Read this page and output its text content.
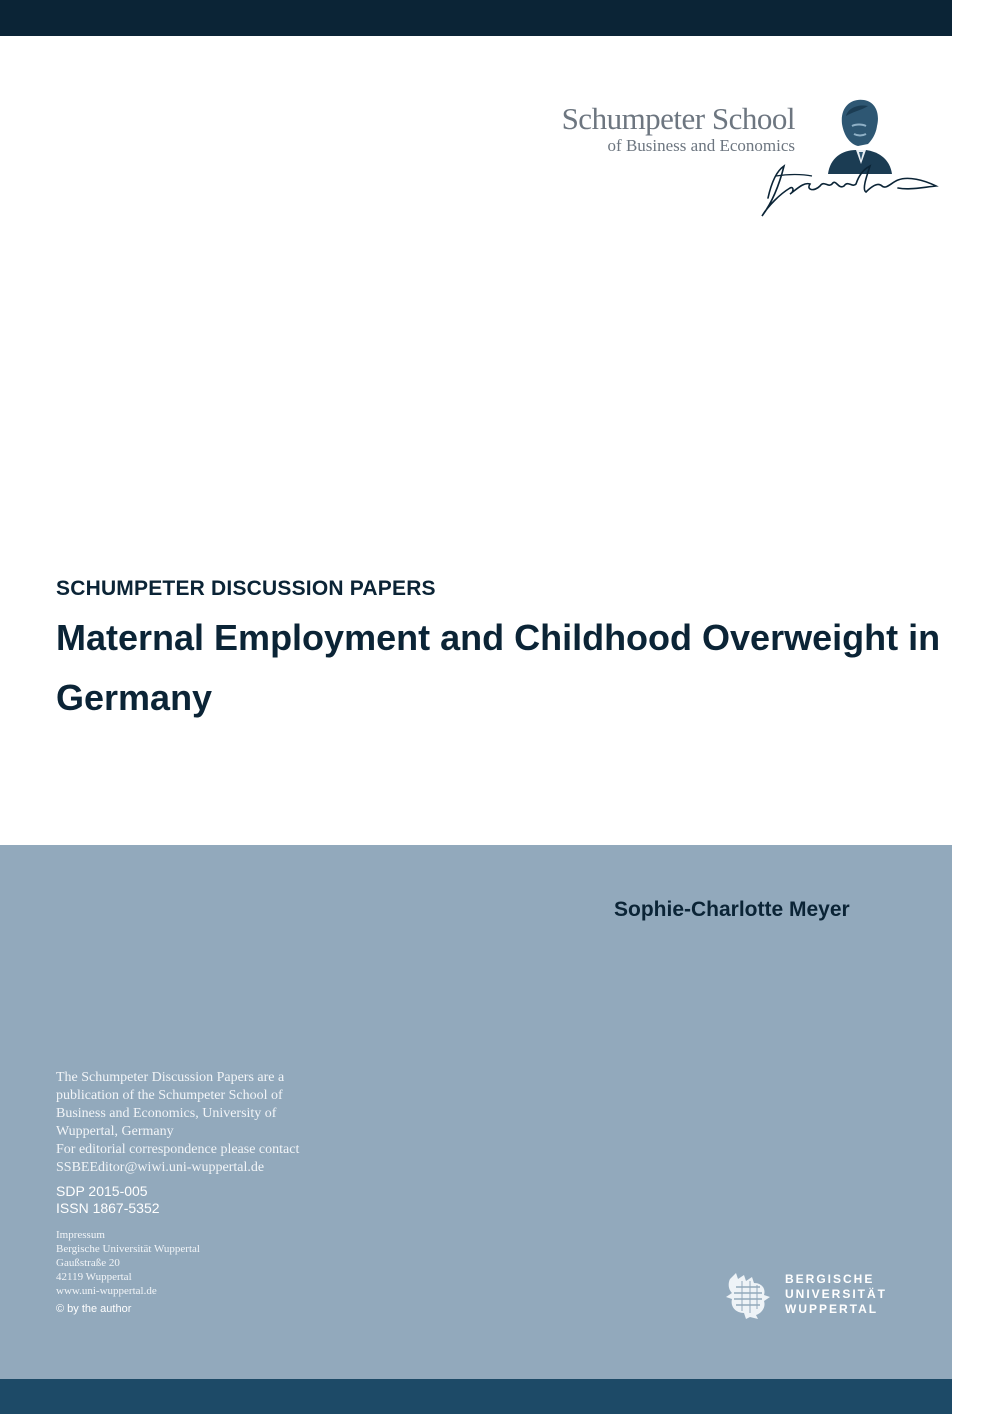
Schumpeter School
of Business and Economics
SCHUMPETER DISCUSSION PAPERS
Maternal Employment and Childhood Overweight in
Germany
Sophie-Charlotte Meyer
The Schumpeter Discussion Papers are a
publication of the Schumpeter School of
Business and Economics, University of
Wuppertal, Germany
For editorial correspondence please contact
SSBEEditor@wiwi.uni-wuppertal.de
SDP 2015-005
ISSN 1867-5352
Impressum
Bergische Universität Wuppertal
Gaußstraße 20
42119 Wuppertal
www.uni-wuppertal.de
© by the author
BERGISCHE
UNIVERSITÄT
WUPPERTAL
